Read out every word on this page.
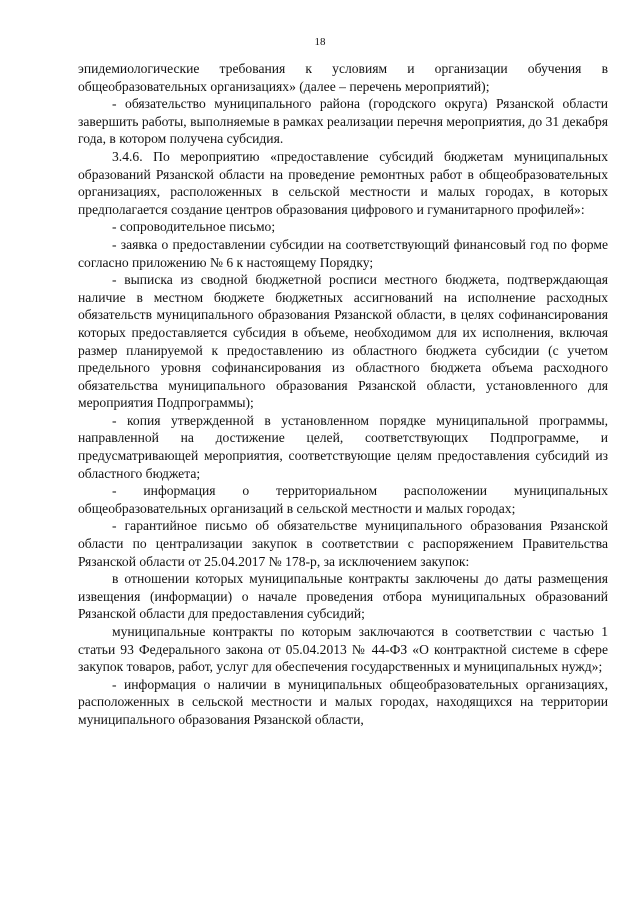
18

эпидемиологические требования к условиям и организации обучения в общеобразовательных организациях» (далее – перечень мероприятий);

- обязательство муниципального района (городского округа) Рязанской области завершить работы, выполняемые в рамках реализации перечня мероприятия, до 31 декабря года, в котором получена субсидия.

3.4.6. По мероприятию «предоставление субсидий бюджетам муниципальных образований Рязанской области на проведение ремонтных работ в общеобразовательных организациях, расположенных в сельской местности и малых городах, в которых предполагается создание центров образования цифрового и гуманитарного профилей»:

- сопроводительное письмо;

- заявка о предоставлении субсидии на соответствующий финансовый год по форме согласно приложению № 6 к настоящему Порядку;

- выписка из сводной бюджетной росписи местного бюджета, подтверждающая наличие в местном бюджете бюджетных ассигнований на исполнение расходных обязательств муниципального образования Рязанской области, в целях софинансирования которых предоставляется субсидия в объеме, необходимом для их исполнения, включая размер планируемой к предоставлению из областного бюджета субсидии (с учетом предельного уровня софинансирования из областного бюджета объема расходного обязательства муниципального образования Рязанской области, установленного для мероприятия Подпрограммы);

- копия утвержденной в установленном порядке муниципальной программы, направленной на достижение целей, соответствующих Подпрограмме, и предусматривающей мероприятия, соответствующие целям предоставления субсидий из областного бюджета;

- информация о территориальном расположении муниципальных общеобразовательных организаций в сельской местности и малых городах;

- гарантийное письмо об обязательстве муниципального образования Рязанской области по централизации закупок в соответствии с распоряжением Правительства Рязанской области от 25.04.2017 № 178-р, за исключением закупок:

в отношении которых муниципальные контракты заключены до даты размещения извещения (информации) о начале проведения отбора муниципальных образований Рязанской области для предоставления субсидий;

муниципальные контракты по которым заключаются в соответствии с частью 1 статьи 93 Федерального закона от 05.04.2013 № 44-ФЗ «О контрактной системе в сфере закупок товаров, работ, услуг для обеспечения государственных и муниципальных нужд»;

- информация о наличии в муниципальных общеобразовательных организациях, расположенных в сельской местности и малых городах, находящихся на территории муниципального образования Рязанской области,
